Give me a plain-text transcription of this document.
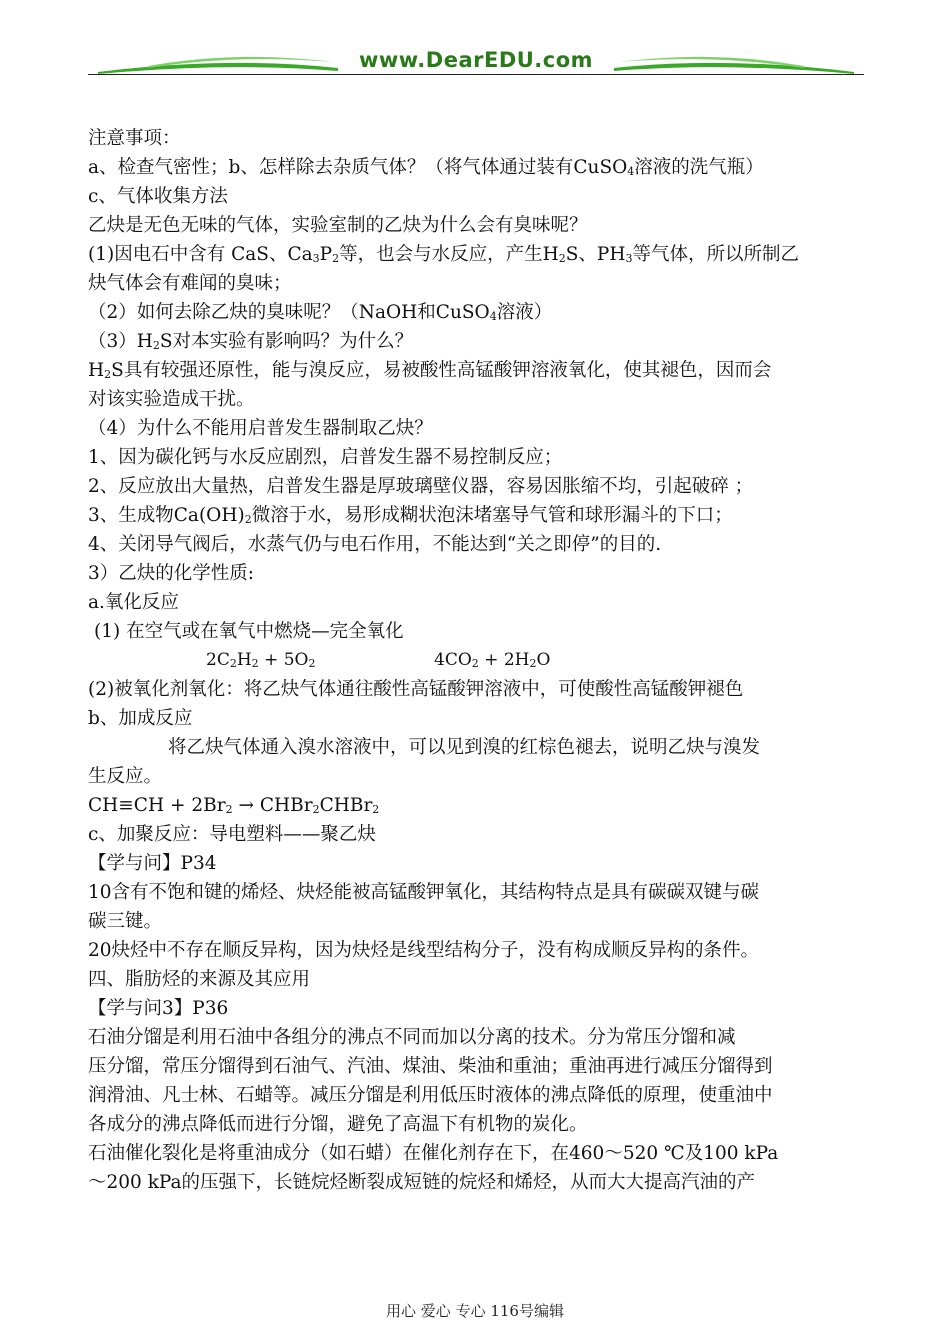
www.DearEDU.com
注意事项：
a、检查气密性；b、怎样除去杂质气体？（将气体通过装有CuSO$_4$溶液的洗气瓶）
c、气体收集方法
乙炔是无色无味的气体，实验室制的乙炔为什么会有臭味呢？
(1)因电石中含有 CaS、$Ca_3P_2$等，也会与水反应，产生$H_2S$、$PH_3$等气体，所以所制乙
炔气体会有难闻的臭味；
（2）如何去除乙炔的臭味呢？（NaOH和CuSO$_4$溶液）
$(3)H_2S$对本实验有影响吗？为什么？
$H_2S$具有较强还原性，能与溴反应，易被酸性高锰酸钾溶液氧化，使其褪色，因而会
对该实验造成干扰。
（4）为什么不能用启普发生器制取乙炔？
1、因为碳化钙与水反应剧烈，启普发生器不易控制反应；
2、反应放出大量热，启普发生器是厚玻璃壁仪器，容易因胀缩不均，引起破碎 ；
3、生成物$Ca(OH)_2$微溶于水，易形成糊状泡沫堵塞导气管和球形漏斗的下口；
4、关闭导气阀后，水蒸气仍与电石作用，不能达到“关之即停”的目的.
3）乙炔的化学性质:
a.氧化反应
(1) 在空气或在氧气中燃烧—完全氧化
$2C_2H_2 + 5O_2$	$4CO_2 + 2H_2O$
(2)被氧化剂氧化：将乙炔气体通往酸性高锰酸钾溶液中，可使酸性高锰酸钾褪色
b、加成反应
将乙炔气体通入溴水溶液中，可以见到溴的红棕色褪去，说明乙炔与溴发
生反应。
$CH\equiv CH + 2Br_2$ → CHBr$_2$CHBr$_2$
c、加聚反应：导电塑料——聚乙炔
【学与问】P34
10含有不饱和键的烯烃、炔烃能被高锰酸钾氧化，其结构特点是具有碳碳双键与碳
碳三键。
20炔烃中不存在顺反异构，因为炔烃是线型结构分子，没有构成顺反异构的条件。
四、脂肪烃的来源及其应用
【学与问3】P36
石油分馏是利用石油中各组分的沸点不同而加以分离的技术。分为常压分馏和减
压分馏，常压分馏得到石油气、汽油、煤油、柴油和重油；重油再进行减压分馏得到
润滑油、凡士林、石蜡等。减压分馏是利用低压时液体的沸点降低的原理，使重油中
各成分的沸点降低而进行分馏，避免了高温下有机物的炭化。
石油催化裂化是将重油成分（如石蜡）在催化剂存在下，在460～520 ℃及100 kPa
～200 kPa的压强下，长链烷烃断裂成短链的烷烃和烯烃，从而大大提高汽油的产
用心 爱心 专心 116号编辑
